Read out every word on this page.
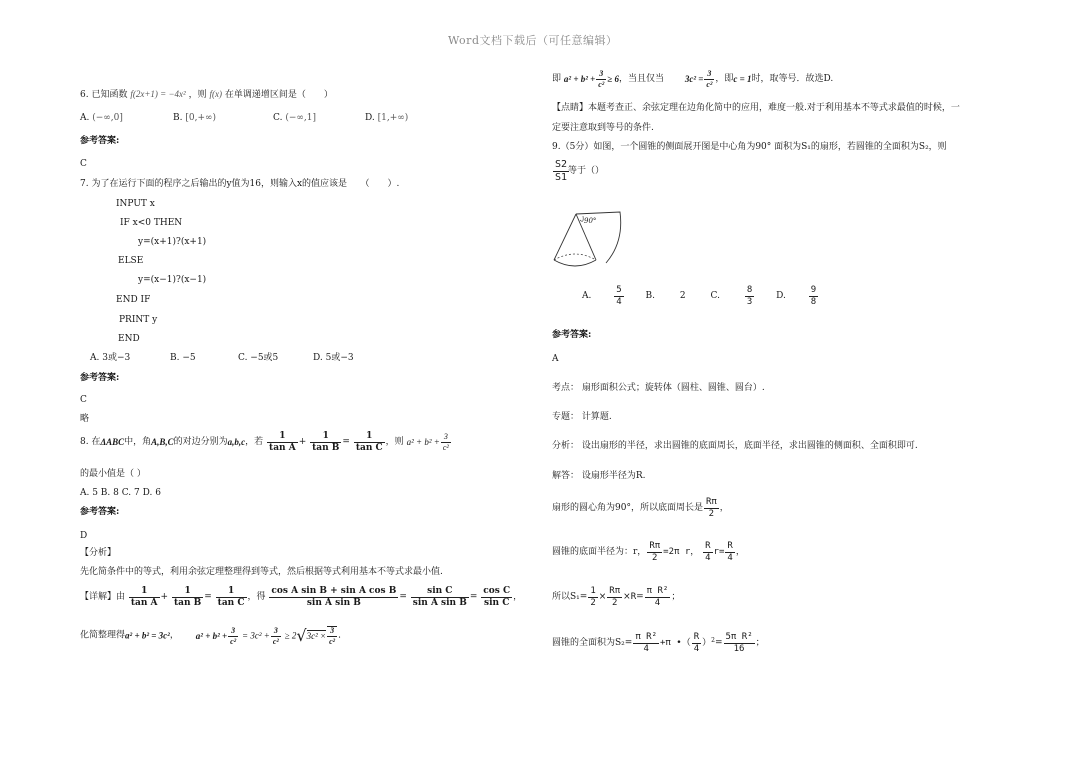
Word文档下载后（可任意编辑）
6. 已知函数 f(2x+1) = −4x² ，则 f(x) 在单调递增区间是（　　）
A. (−∞,0]	B. [0,+∞)	C. (−∞,1]	D. [1,+∞)
参考答案:
C
7. 为了在运行下面的程序之后输出的y值为16，则输入x的值应该是　　（　　）.
INPUT x
IF x<0 THEN
y=(x+1)?(x+1)
ELSE
y=(x−1)?(x−1)
END IF
PRINT y
END
A. 3或−3	B. −5	C. −5或5	D. 5或−3
参考答案:
C
略
8. 在ΔABC中，角A,B,C的对边分别为a,b,c，若 $\frac{1}{\text{tan A}} + \frac{1}{\text{tan B}} = \frac{1}{\text{tan C}}$ ，则 $a^2 + b^2 + \frac{3}{\text{c²}}$
的最小值是（ ）
A. 5 B. 8 C. 7 D. 6
参考答案:
D
【分析】
先化简条件中的等式，利用余弦定理整理得到等式，然后根据等式利用基本不等式求最小值.
【详解】由 $\frac{1}{\text{tan A}} + \frac{1}{\text{tan B}} = \frac{1}{\text{tan C}}$ ，得 $\frac{\text{cos A sin B + sin A cos B}}{\text{sin A sin B}} = \frac{\text{sin C}}{\text{sin A sin B}} = \frac{\text{cos C}}{\text{sin C}}$ ，
化简整理得a² + b² = 3c²， $a^2 + b^2 + \frac{3}{\text{c²}} = 3c^2 + \frac{3}{\text{c²}} \ge 2√3c^2 \times \frac{3}{\text{c²}}$ ．
即 $a^2 + b^2 + \frac{3}{\text{c²}} \ge 6$，当且仅当 $3c^2 = \frac{3}{\text{c²}}$ ，即c = 1时，取等号．故选D.
【点睛】本题考查正、余弦定理在边角化简中的应用，难度一般.对于利用基本不等式求最值的时候，一
定要注意取到等号的条件.
9.（5分）如图，一个圆锥的侧面展开图是中心角为90° 面积为S₁的扇形，若圆锥的全面积为S₂，则
$\frac{S2}{S1}$ 等于（）
90°
A.	$\frac{5}{4} B$.	2	C.	$\frac{8}{3} D$.	$\frac{9}{8}$
参考答案:
A
考点： 扇形面积公式；旋转体（圆柱、圆锥、圆台）.
专题： 计算题.
分析： 设出扇形的半径，求出圆锥的底面周长，底面半径，求出圆锥的侧面积、全面积即可.
解答： 设扇形半径为R.
扇形的圆心角为90°，所以底面周长是 $\frac{R\pi}{2}$ ，
圆锥的底面半径为：r， $\frac{R\pi}{2} =2\pi$ r， $\frac{R}{4} r= \frac{R}{4}$ ，
所以$S_1= \frac{1}{2} \times \frac{R\pi}{2} \times R= \frac{\text{π R²}}{4}$ ；
圆锥的全面积为$S_2= \frac{\text{π R²}}{4} +\pi$ •（ $\frac{R}{4} )^2= \frac{\text{5π R²}}{16}$ ；
